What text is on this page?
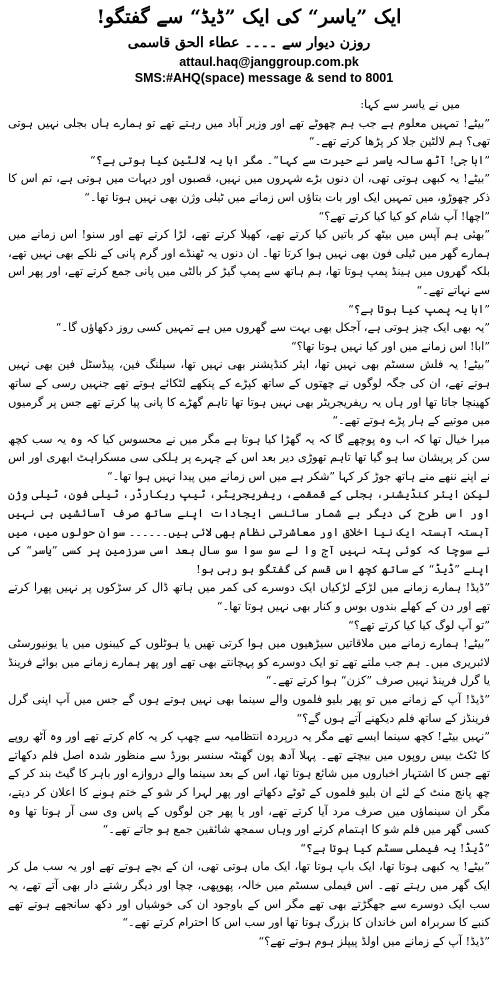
ایک ”یاسر“ کی ایک ”ڈیڈ“ سے گفتگو!
روزن دیوار سے ۔۔۔۔ عطاء الحق قاسمی
attaul.haq@janggroup.com.pk
SMS:#AHQ(space) message & send to 8001

میں نے یاسر سے کہا:

”بیٹے! تمہیں معلوم ہے جب ہم چھوٹے تھے اور وزیر آباد میں رہتے تھے تو ہمارے ہاں بجلی نہیں ہوتی تھی؟ ہم لالٹین جلا کر پڑھا کرتے تھے۔“

”ابا جی! آٹھ سالہ یاسر نے حیرت سے کہا“۔ مگر ابا یہ لالٹین کیا ہوتی ہے؟“

”بیٹے! یہ کبھی ہوتی تھی، ان دنوں بڑے شہروں میں نہیں، قصبوں اور دیہات میں ہوتی ہے، تم اس کا ذکر چھوڑو، میں تمہیں ایک اور بات بتاؤں اس زمانے میں ٹیلی وژن بھی نہیں ہوتا تھا۔“

”اچھا! آپ شام کو کیا کیا کرتے تھے؟“

”بھئی ہم آپس میں بیٹھ کر باتیں کیا کرتے تھے، کھیلا کرتے تھے، لڑا کرتے تھے اور سنو! اس زمانے میں ہمارے گھر میں ٹیلی فون بھی نہیں ہوا کرتا تھا۔ ان دنوں یہ ٹھنڈے اور گرم پانی کے نلکے بھی نہیں تھے، بلکہ گھروں میں ہینڈ پمپ ہوتا تھا، ہم ہاتھ سے پمپ گیڑ کر بالٹی میں پانی جمع کرتے تھے، اور پھر اس سے نہاتے تھے۔“

”ابا یہ پمپ کیا ہوتا ہے؟“

”یہ بھی ایک چیز ہوتی ہے، آجکل بھی بہت سے گھروں میں ہے تمہیں کسی روز دکھاؤں گا۔“

”ابا! اس زمانے میں اور کیا نہیں ہوتا تھا؟“

”بیٹے! یہ فلش سسٹم بھی نہیں تھا، ایئر کنڈیشنر بھی نہیں تھا، سیلنگ فین، پیڈسٹل فین بھی نہیں ہوتے تھے، ان کی جگہ لوگوں نے چھتوں کے ساتھ کپڑے کے پنکھے لٹکائے ہوتے تھے جنہیں رسی کے ساتھ کھینچا جاتا تھا اور ہاں یہ ریفریجریٹر بھی نہیں ہوتا تھا تاہم گھڑے کا پانی پیا کرتے تھے جس پر گرمیوں میں موتیے کے ہار پڑے ہوتے تھے۔“

میرا خیال تھا کہ اب وہ پوچھے گا کہ یہ گھڑا کیا ہوتا ہے مگر میں نے محسوس کیا کہ وہ یہ سب کچھ سن کر پریشان سا ہو گیا تھا تاہم تھوڑی دیر بعد اس کے چہرے پر ہلکی سی مسکراہٹ ابھری اور اس نے اپنے ننھے منے ہاتھ جوڑ کر کہا ”شکر ہے میں اس زمانے میں پیدا نہیں ہوا تھا۔“

لیکن ایئر کنڈیشنر، بجلی کے قمقمے، ریفریجریٹر، ٹیپ ریکارڈر، ٹیلی فون، ٹیلی وژن اور اس طرح کی دیگر بے شمار سائنسی ایجادات اپنے ساتھ صرف آسائشیں ہی نہیں آہستہ آہستہ ایک نیا اخلاق اور معاشرتی نظام بھی لائی ہیں۔۔۔۔۔۔ سوان حولوں میں، میں نے سوچا کہ کوئی پتہ نہیں آج وا لے سو سوا سو سال بعد اسی سرزمین پر کسی ”یاسر“ کی اپنے ”ڈیڈ“ کے ساتھ کچھ اس قسم کی گفتگو ہو رہی ہو!

”ڈیڈ! ہمارے زمانے میں لڑکے لڑکیاں ایک دوسرے کی کمر میں ہاتھ ڈال کر سڑکوں پر نہیں پھرا کرتے تھے اور دن کے کھلے بندوں بوس و کنار بھی نہیں ہوتا تھا۔“

”تو آپ لوگ کیا کیا کرتے تھے؟“

”بیٹے! ہمارے زمانے میں ملاقاتیں سیڑھیوں میں ہوا کرتی تھیں یا ہوٹلوں کے کیبنوں میں یا یونیورسٹی لائبریری میں۔ ہم جب ملتے تھے تو ایک دوسرے کو پہچانتے بھی تھے اور پھر ہمارے زمانے میں بوائے فرینڈ یا گرل فرینڈ نہیں صرف ”کزن“ ہوا کرتے تھے۔“

”ڈیڈ! آپ کے زمانے میں تو پھر بلیو فلموں والے سینما بھی نہیں ہوتے ہوں گے جس میں آپ اپنی گرل فرینڈز کے ساتھ فلم دیکھنے آتے ہوں گے؟“

”نہیں بیٹے! کچھ سینما ایسے تھے مگر یہ درپردہ انتظامیہ سے چھپ کر یہ کام کرتے تھے اور وہ آٹھ روپے کا ٹکٹ بیس روپوں میں بیچتے تھے۔ پہلا آدھ پون گھنٹہ سنسر بورڈ سے منظور شدہ اصل فلم دکھاتے تھے جس کا اشتہار اخباروں میں شائع ہوتا تھا، اس کے بعد سینما والے دروازے اور باہر کا گیٹ بند کر کے چھ پانچ منٹ کے لئے ان بلیو فلموں کے ٹوٹے دکھاتے اور پھر لہرا کر شو کے ختم ہونے کا اعلان کر دیتے، مگر ان سینماؤں میں صرف مرد آیا کرتے تھے، اور یا پھر جن لوگوں کے پاس وی سی آر ہوتا تھا وہ کسی گھر میں فلم شو کا اہتمام کرتے اور وہاں سمجھ شائقین جمع ہو جاتے تھے۔“

”ڈیڈ! یہ فیملی سسٹم کیا ہوتا ہے؟“

”بیٹے! یہ کبھی ہوتا تھا، ایک باپ ہوتا تھا، ایک ماں ہوتی تھی، ان کے بچے ہوتے تھے اور یہ سب مل کر ایک گھر میں رہتے تھے۔ اس فیملی سسٹم میں خالہ، پھوپھی، چچا اور دیگر رشتے دار بھی آتے تھے، یہ سب ایک دوسرے سے جھگڑتے بھی تھے مگر اس کے باوجود ان کی خوشیاں اور دکھ سانجھے ہوتے تھے کنبے کا سربراہ اس خاندان کا بزرگ ہوتا تھا اور سب اس کا احترام کرتے تھے۔“

”ڈیڈ! آپ کے زمانے میں اولڈ پیپلز ہوم ہوتے تھے؟“
